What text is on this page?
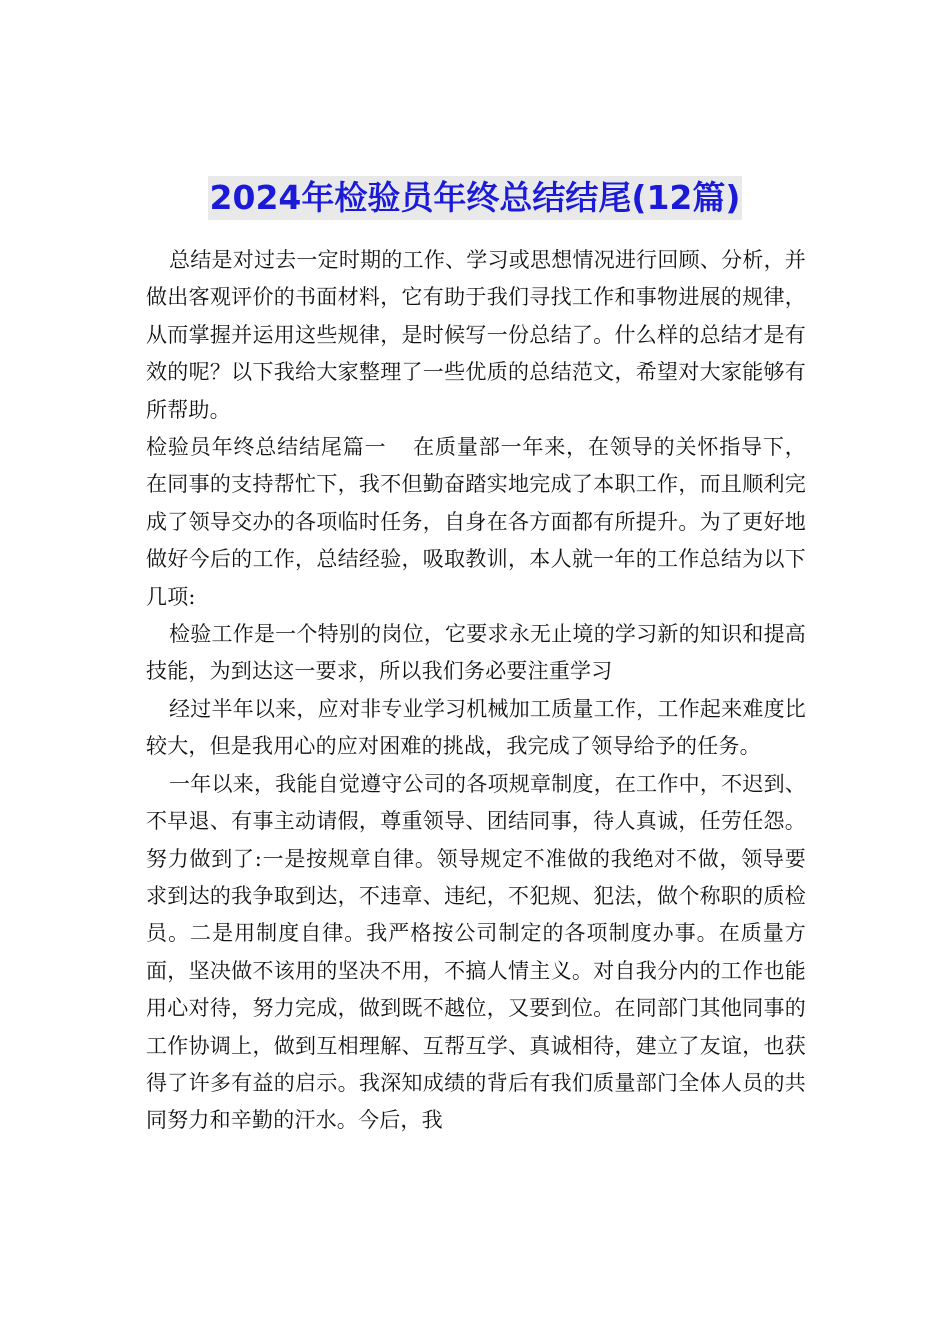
2024年检验员年终总结结尾(12篇)

总结是对过去一定时期的工作、学习或思想情况进行回顾、分析，并做出客观评价的书面材料，它有助于我们寻找工作和事物进展的规律，从而掌握并运用这些规律，是时候写一份总结了。什么样的总结才是有效的呢？以下我给大家整理了一些优质的总结范文，希望对大家能够有所帮助。

检验员年终总结结尾篇一 在质量部一年来，在领导的关怀指导下，在同事的支持帮忙下，我不但勤奋踏实地完成了本职工作，而且顺利完成了领导交办的各项临时任务，自身在各方面都有所提升。为了更好地做好今后的工作，总结经验，吸取教训，本人就一年的工作总结为以下几项:

检验工作是一个特别的岗位，它要求永无止境的学习新的知识和提高技能，为到达这一要求，所以我们务必要注重学习

经过半年以来，应对非专业学习机械加工质量工作，工作起来难度比较大，但是我用心的应对困难的挑战，我完成了领导给予的任务。

一年以来，我能自觉遵守公司的各项规章制度，在工作中，不迟到、不早退、有事主动请假，尊重领导、团结同事，待人真诚，任劳任怨。努力做到了:一是按规章自律。领导规定不准做的我绝对不做，领导要求到达的我争取到达，不违章、违纪，不犯规、犯法，做个称职的质检员。二是用制度自律。我严格按公司制定的各项制度办事。在质量方面，坚决做不该用的坚决不用，不搞人情主义。对自我分内的工作也能用心对待，努力完成，做到既不越位，又要到位。在同部门其他同事的工作协调上，做到互相理解、互帮互学、真诚相待，建立了友谊，也获得了许多有益的启示。我深知成绩的背后有我们质量部门全体人员的共同努力和辛勤的汗水。今后，我
